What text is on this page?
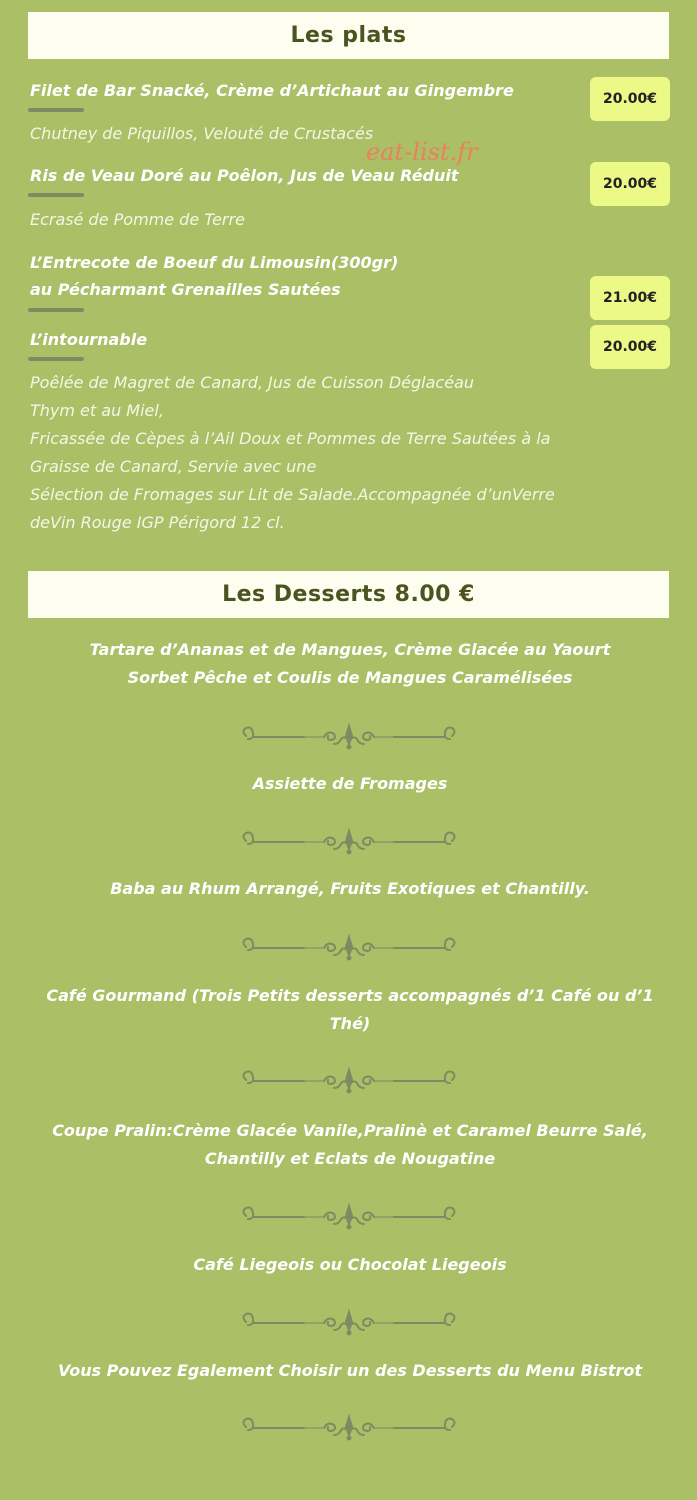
Les plats
Filet de Bar Snacké, Crème d’Artichaut au Gingembre
Chutney de Piquillos, Velouté de Crustacés
20.00€
eat-list.fr
Ris de Veau Doré au Poêlon, Jus de Veau Réduit
Ecrasé de Pomme de Terre
20.00€
L’Entrecote de Boeuf du Limousin(300gr)
au Pécharmant Grenailles Sautées	21.00€
L’intournable	20.00€
Poêlée de Magret de Canard, Jus de Cuisson Déglacéau
Thym et au Miel,
Fricassée de Cèpes à l’Ail Doux et Pommes de Terre Sautées à la
Graisse de Canard, Servie avec une
Sélection de Fromages sur Lit de Salade.Accompagnée d’unVerre
deVin Rouge IGP Périgord 12 cl.
Les Desserts 8.00 €
Tartare d’Ananas et de Mangues, Crème Glacée au Yaourt
Sorbet Pêche et Coulis de Mangues Caramélisées
Assiette de Fromages
Baba au Rhum Arrangé, Fruits Exotiques et Chantilly.
Café Gourmand (Trois Petits desserts accompagnés d’1 Café ou d’1
Thé)
Coupe Pralin:Crème Glacée Vanile,Pralinè et Caramel Beurre Salé,
Chantilly et Eclats de Nougatine
Café Liegeois ou Chocolat Liegeois
Vous Pouvez Egalement Choisir un des Desserts du Menu Bistrot
